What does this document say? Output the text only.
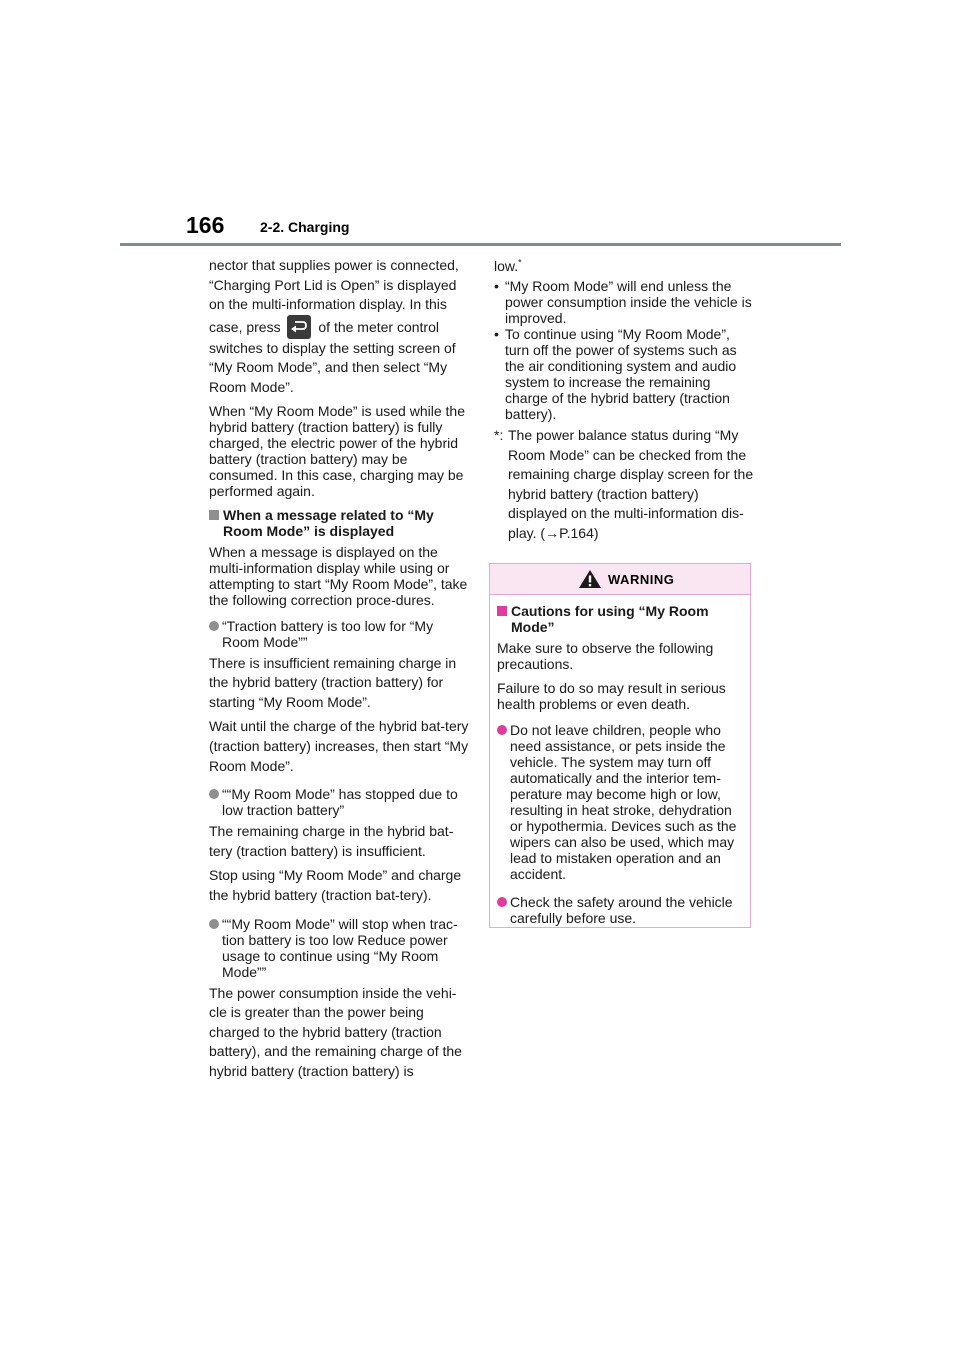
166	2-2. Charging

nector that supplies power is connected, “Charging Port Lid is Open” is displayed on the multi-information display. In this case, press	of the meter control switches to display the setting screen of “My Room Mode”, and then select “My Room Mode”.

When “My Room Mode” is used while the hybrid battery (traction battery) is fully charged, the electric power of the hybrid battery (traction battery) may be consumed. In this case, charging may be performed again.

When a message related to “My Room Mode” is displayed

When a message is displayed on the multi-information display while using or attempting to start “My Room Mode”, take the following correction proce-dures.

“Traction battery is too low for “My Room Mode””

There is insufficient remaining charge in the hybrid battery (traction battery) for starting “My Room Mode”.

Wait until the charge of the hybrid bat-tery (traction battery) increases, then start “My Room Mode”.

““My Room Mode” has stopped due to low traction battery”

The remaining charge in the hybrid bat-tery (traction battery) is insufficient.

Stop using “My Room Mode” and charge the hybrid battery (traction bat-tery).

““My Room Mode” will stop when trac-tion battery is too low Reduce power usage to continue using “My Room Mode””

The power consumption inside the vehi-cle is greater than the power being charged to the hybrid battery (traction battery), and the remaining charge of the hybrid battery (traction battery) is

low.*

• “My Room Mode” will end unless the power consumption inside the vehicle is improved.
• To continue using “My Room Mode”, turn off the power of systems such as the air conditioning system and audio system to increase the remaining charge of the hybrid battery (traction battery).
*: The power balance status during “My Room Mode” can be checked from the remaining charge display screen for the hybrid battery (traction battery) displayed on the multi-information dis-play. (→P.164)
WARNING
Cautions for using “My Room Mode”

Make sure to observe the following precautions.

Failure to do so may result in serious health problems or even death.

Do not leave children, people who need assistance, or pets inside the vehicle. The system may turn off automatically and the interior tem-perature may become high or low, resulting in heat stroke, dehydration or hypothermia. Devices such as the wipers can also be used, which may lead to mistaken operation and an accident.
Check the safety around the vehicle carefully before use.
